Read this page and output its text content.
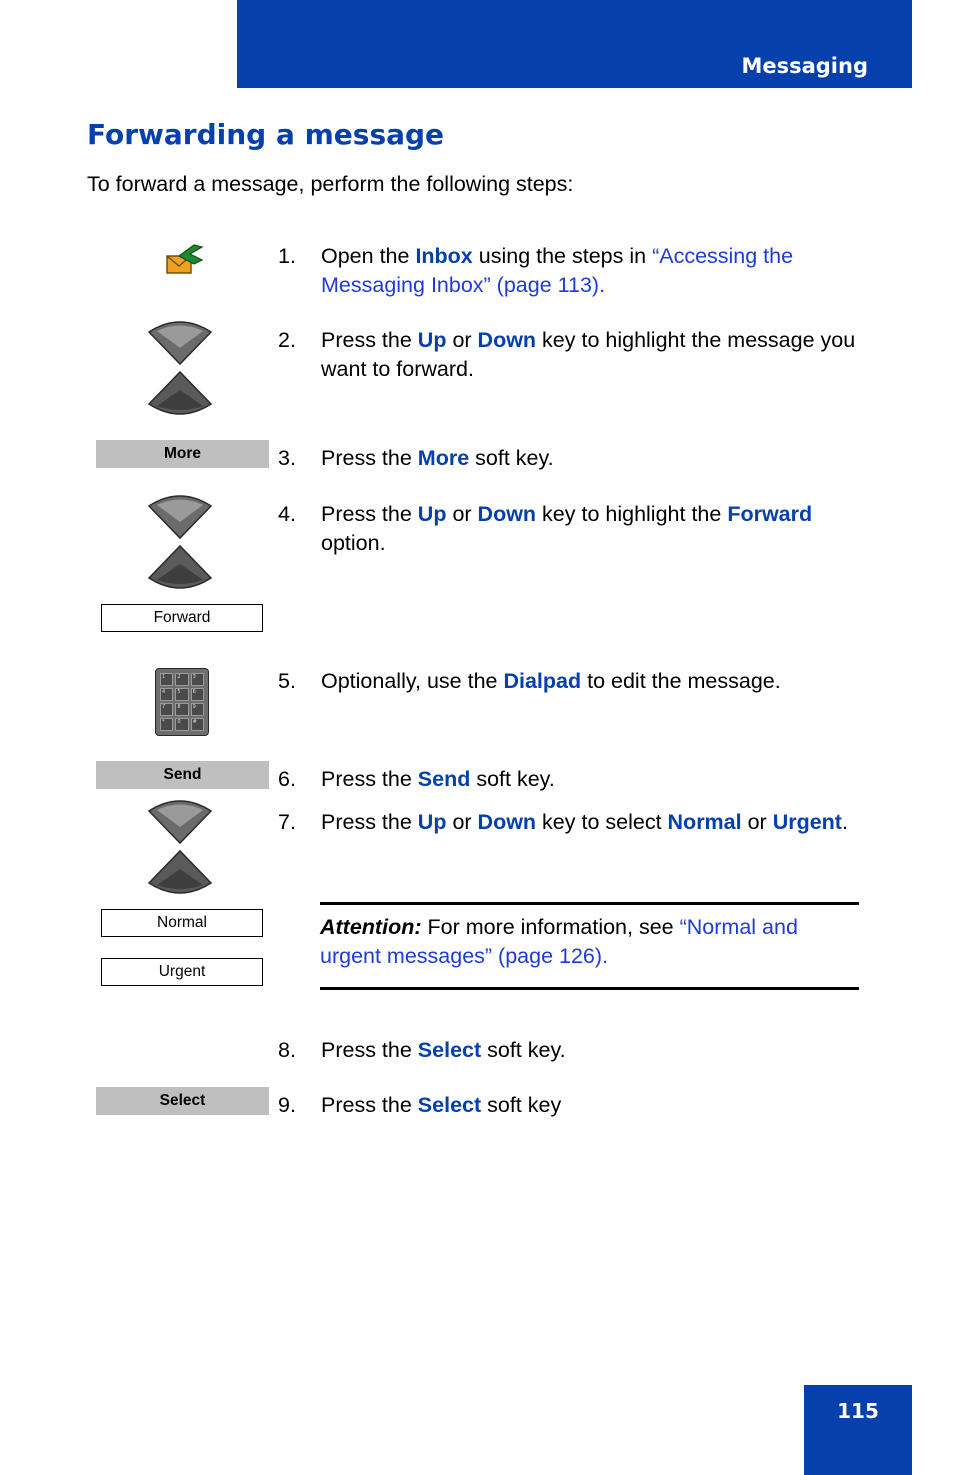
Messaging
Forwarding a message
To forward a message, perform the following steps:
1. Open the Inbox using the steps in “Accessing the Messaging Inbox” (page 113).
2. Press the Up or Down key to highlight the message you want to forward.
More	3. Press the More soft key.
4. Press the Up or Down key to highlight the Forward option.
Forward
1	2	3
4	5	6
7	8	9
*	0	#
5. Optionally, use the Dialpad to edit the message.
Send	6. Press the Send soft key.
7. Press the Up or Down key to select Normal or Urgent.
Normal
Urgent
Attention: For more information, see “Normal and urgent messages” (page 126).
8. Press the Select soft key.
Select	9. Press the Select soft key
115
